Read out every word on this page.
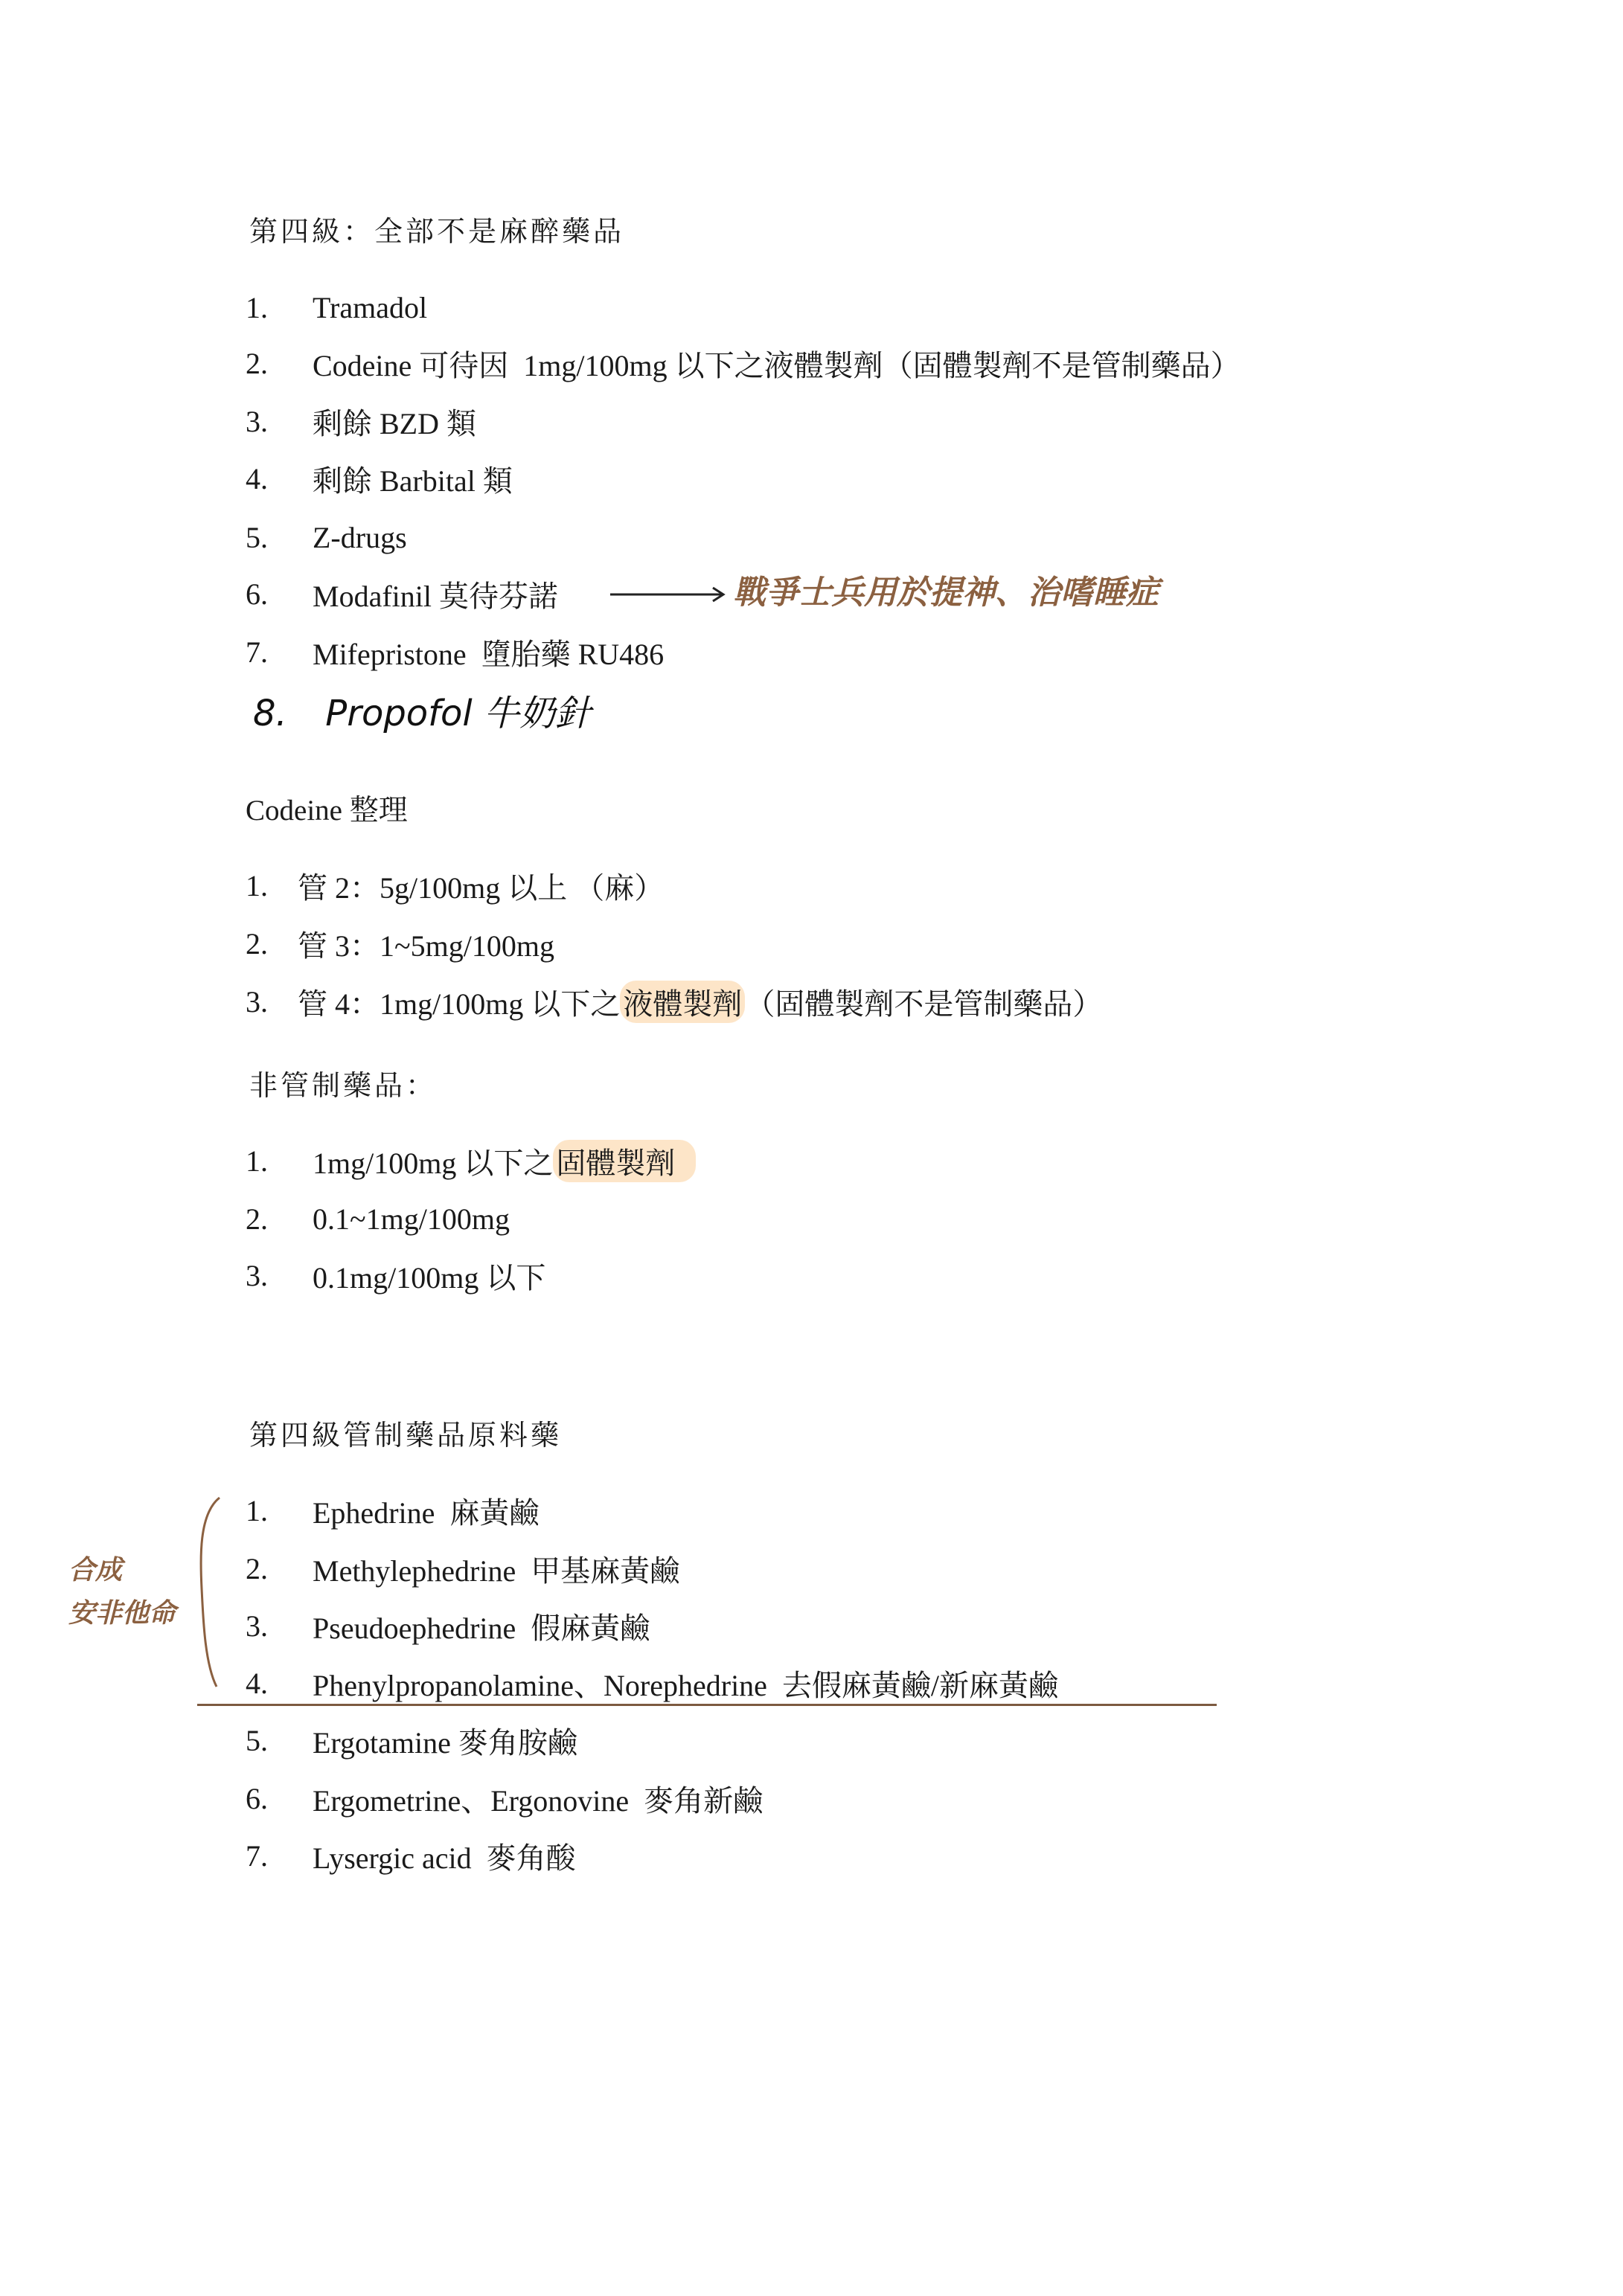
第四級：全部不是麻醉藥品
1.	Tramadol
2.	Codeine 可待因  1mg/100mg 以下之液體製劑（固體製劑不是管制藥品）
3.	剩餘 BZD 類
4.	剩餘 Barbital 類
5.	Z-drugs
6.	Modafinil 莫待芬諾	戰爭士兵用於提神、治嗜睡症
7.	Mifepristone  墮胎藥 RU486
8. Propofol 牛奶針
Codeine 整理
1.	管 2：5g/100mg 以上 （麻）
2.	管 3：1~5mg/100mg
3.	管 4：1mg/100mg 以下之 液體製劑 （固體製劑不是管制藥品）
非管制藥品：
1.	1mg/100mg 以下之 固體製劑
2.	0.1~1mg/100mg
3.	0.1mg/100mg 以下
第四級管制藥品原料藥
合成
安非他命
1.	Ephedrine  麻黃鹼
2.	Methylephedrine  甲基麻黃鹼
3.	Pseudoephedrine  假麻黃鹼
4.	Phenylpropanolamine、Norephedrine  去假麻黃鹼/新麻黃鹼
5.	Ergotamine 麥角胺鹼
6.	Ergometrine、Ergonovine  麥角新鹼
7.	Lysergic acid  麥角酸
